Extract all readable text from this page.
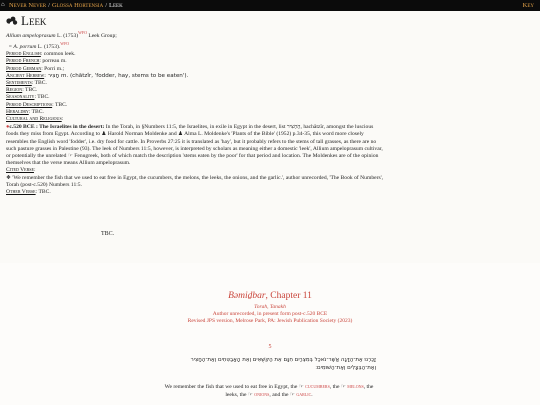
⌂ Never Never / Glossa Hortensia / Leek	Key
Leek

Allium ampeloprasum L. $(1753)^{WFO}$ Leek Group;

= A. porrum L. (1753).$^{WFO}$

Period English: common leek.

Period French: porreau m.

Period German: Porri m.;

Ancient Hebrew: חָצִיר m. (chātzîr, 'fodder, hay, stems to be eaten').

Sentiments: TBC.

Region: TBC.

Seasonality: TBC.

Period Descriptions: TBC.

Heraldry: TBC.

Cultural and Religious:

●c.520 BCE : The Israelites in the desert: In the Torah, in §Numbers 11:5, the Israelites, in exile in Egypt in the desert, list הֶחָצִיר, hachātzîr, amongst the luscious foods they miss from Egypt. According to ♟ Harold Norman Moldenke and ♟ Alma L. Moldenke's 'Plants of the Bible' (1952) p.34-35, this word more closely resembles the English word 'fodder', i.e. dry food for cattle. In Proverbs 27:25 it is translated as 'hay', but it probably refers to the stems of tall grasses, as there are no such pasture grasses in Palestine (93). The leek of Numbers 11:5, however, is interpreted by scholars as meaning either a domestic 'leek', Allium ampeloprasum cultivar, or potentially the unrelated ☞ Fenugreek, both of which match the description 'stems eaten by the poor' for that period and location. The Moldenkes are of the opinion themselves that the verse means Allium ampeloprasum.

Cited Verse:

❖ 'We remember the fish that we used to eat free in Egypt, the cucumbers, the melons, the leeks, the onions, and the garlic.', author unrecorded, 'The Book of Numbers', Torah (post-c.520) Numbers 11:5.

Other Verse: TBC.

TBC.
Bəmiḏbar, Chapter 11
Torah, Tanakh
Author unrecorded, in present form post-c.520 BCE
Revised JPS version, Melrose Park, PA: Jewish Publication Society (2023)
5
זָכַרְנוּ אֶת־הַדָּגָה אֲשֶׁר־נֹאכַל בְּמִצְרַיִם חִנָּם אֵת הַקִּשֻּׁאִים וְאֵת הָאֲבַטִּחִים וְאֶת־הֶחָצִיר וְאֶת־הַבְּצָלִים וְאֶת־הַשּׁוּמִים׃
We remember the fish that we used to eat free in Egypt, the ☞ cucumbers, the ☞ melons, the leeks, the ☞ onions, and the ☞ garlic.
